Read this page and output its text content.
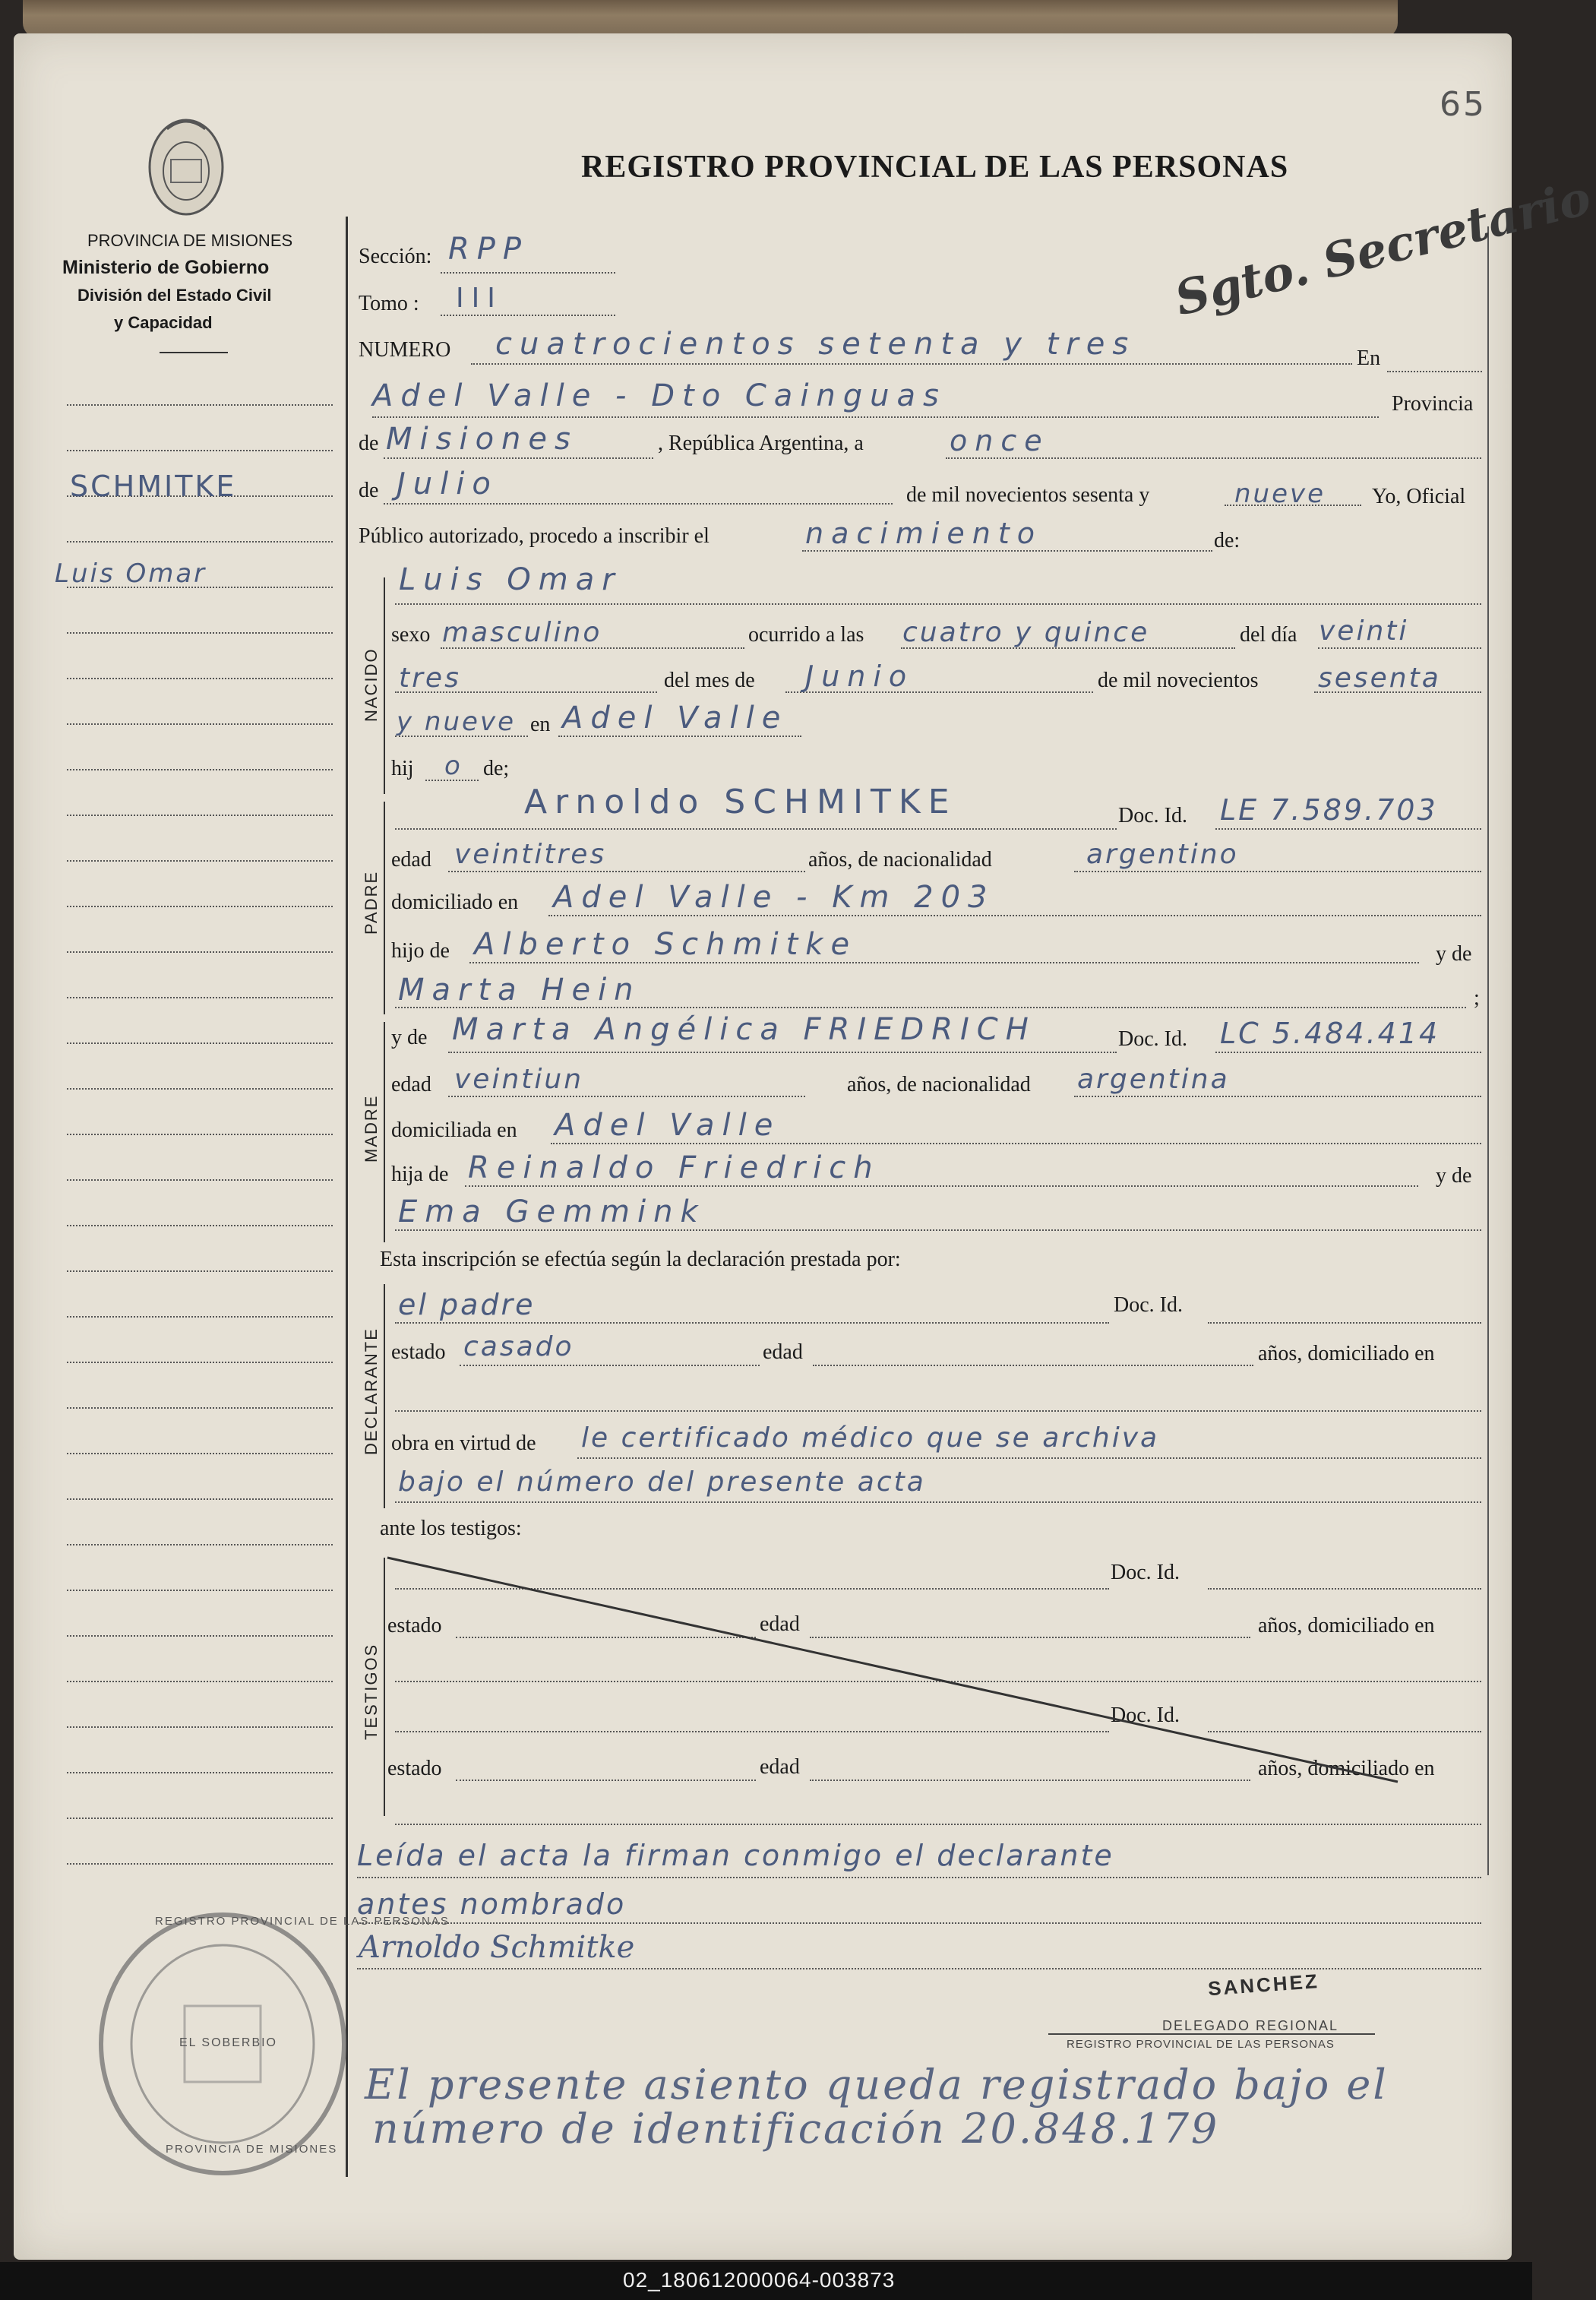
65
PROVINCIA DE MISIONES
Ministerio de Gobierno
División del Estado Civil
y Capacidad
REGISTRO PROVINCIAL DE LAS PERSONAS
SCHMITKE
Luis Omar
Sección: RPP
Tomo : III
NUMERO cuatrocientos setenta y tres	En
Adel Valle - Dto Cainguas	Provincia
de Misiones	, República Argentina, a	once
de Julio	de mil novecientos sesenta y	nueve Yo, Oficial
Público autorizado, procedo a inscribir el	nacimiento	de:
Sgto. Secretario
NACIDO
Luis Omar
sexo masculino	ocurrido a las cuatro y quince	del día veinti
tres	del mes de Junio	de mil novecientos sesenta
y nueve en Adel Valle
hij o de;
PADRE
Arnoldo SCHMITKE	Doc. Id. LE 7.589.703
edad veintitres	años, de nacionalidad	argentino
domiciliado en Adel Valle - Km 203
hijo de Alberto Schmitke	y de
Marta Hein	;
MADRE
y de Marta Angélica FRIEDRICH	Doc. Id. LC 5.484.414
edad veintiun	años, de nacionalidad argentina
domiciliada en Adel Valle
hija de Reinaldo Friedrich	y de
Ema Gemmink
Esta inscripción se efectúa según la declaración prestada por:
DECLARANTE
el padre	Doc. Id.
estado casado	edad	años, domiciliado en
obra en virtud de le certificado médico que se archiva
bajo el número del presente acta
ante los testigos:
TESTIGOS
Doc. Id.
estado	edad	años, domiciliado en
Doc. Id.
estado	edad	años, domiciliado en
Leída el acta la firman conmigo el declarante
antes nombrado
Arnoldo Schmitke
SANCHEZ
DELEGADO REGIONAL
REGISTRO PROVINCIAL DE LAS PERSONAS
El presente asiento queda registrado bajo el
número de identificación 20.848.179
REGISTRO PROVINCIAL DE LAS PERSONAS
PROVINCIA DE MISIONES
EL SOBERBIO
02_180612000064-003873
